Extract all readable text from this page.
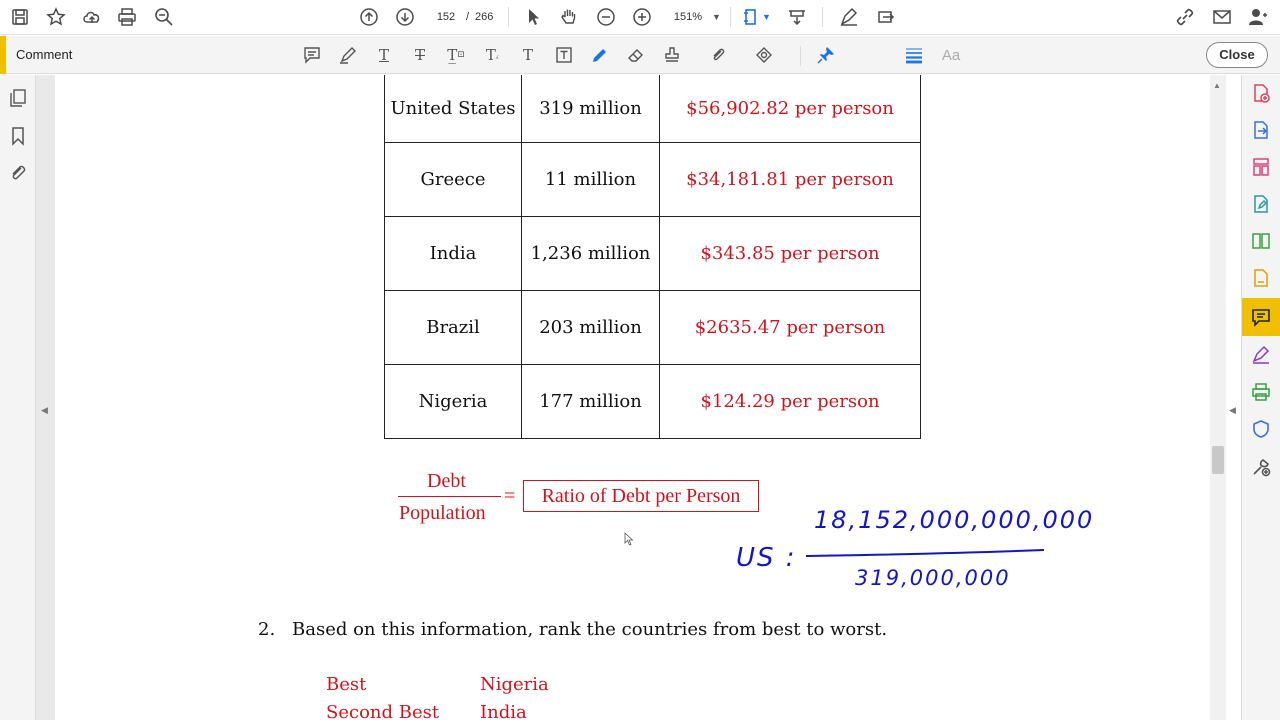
152 / 266	151%	▼	▼
Comment	T	T	T̲ ⊡	T ⁁	T	Aa	Close
◀
▲
◀
United States	319 million	$56,902.82 per person
Greece	11 million	$34,181.81 per person
India	1,236 million	$343.85 per person
Brazil	203 million	$2635.47 per person
Nigeria	177 million	$124.29 per person
Debt
Population
=	Ratio of Debt per Person
US :
18,152,000,000,000
319,000,000
2. Based on this information, rank the countries from best to worst.
Best	Nigeria
Second Best India
